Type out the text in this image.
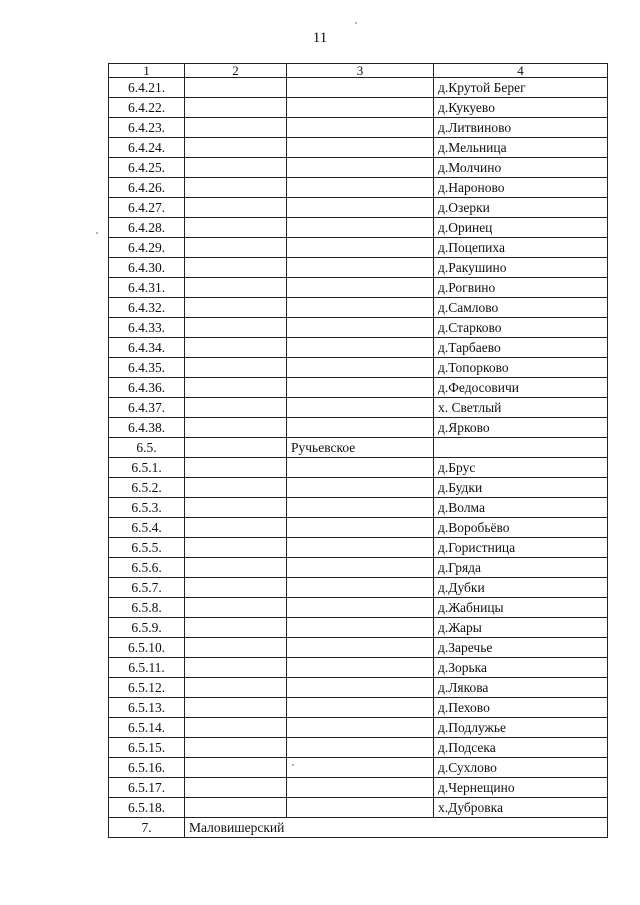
11
1	2	3	4
6.4.21.			д.Крутой Берег
6.4.22.			д.Кукуево
6.4.23.			д.Литвиново
6.4.24.			д.Мельница
6.4.25.			д.Молчино
6.4.26.			д.Нароново
6.4.27.			д.Озерки
6.4.28.			д.Оринец
6.4.29.			д.Поцепиха
6.4.30.			д.Ракушино
6.4.31.			д.Рогвино
6.4.32.			д.Самлово
6.4.33.			д.Старково
6.4.34.			д.Тарбаево
6.4.35.			д.Топорково
6.4.36.			д.Федосовичи
6.4.37.			х. Светлый
6.4.38.			д.Ярково
6.5.		Ручьевское	
6.5.1.			д.Брус
6.5.2.			д.Будки
6.5.3.			д.Волма
6.5.4.			д.Воробьёво
6.5.5.			д.Гористница
6.5.6.			д.Гряда
6.5.7.			д.Дубки
6.5.8.			д.Жабницы
6.5.9.			д.Жары
6.5.10.			д.Заречье
6.5.11.			д.Зорька
6.5.12.			д.Лякова
6.5.13.			д.Пехово
6.5.14.			д.Подлужье
6.5.15.			д.Подсека
6.5.16.			д.Сухлово
6.5.17.			д.Чернещино
6.5.18.			х.Дубровка
7.	Маловишерский		
